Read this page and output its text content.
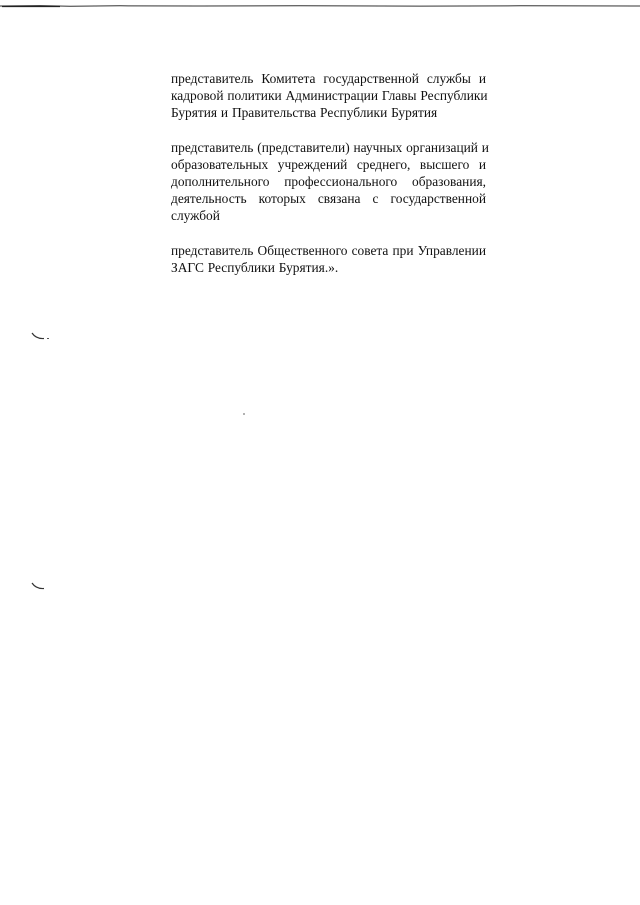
представитель Комитета государственной службы и
кадровой политики Администрации Главы Республики
Бурятия и Правительства Республики Бурятия

представитель (представители) научных организаций и
образовательных учреждений среднего, высшего и
дополнительного профессионального образования,
деятельность которых связана с государственной
службой

представитель Общественного совета при Управлении
ЗАГС Республики Бурятия.».
